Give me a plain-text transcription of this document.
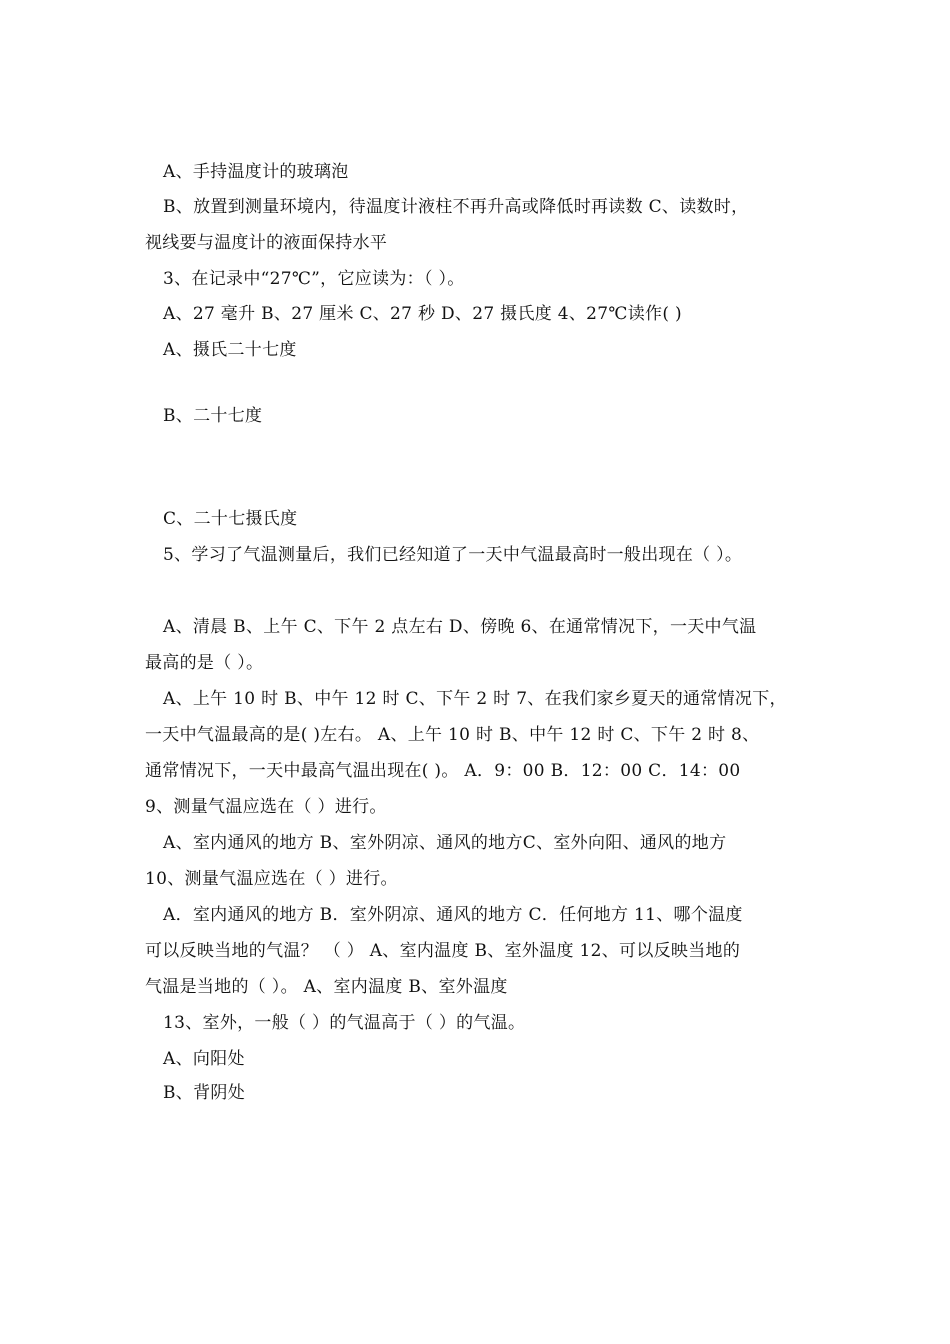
A、手持温度计的玻璃泡
B、放置到测量环境内，待温度计液柱不再升高或降低时再读数 C、读数时，
视线要与温度计的液面保持水平
3、在记录中“27℃”，它应读为：（ ）。
A、27 毫升 B、27 厘米 C、27 秒 D、27 摄氏度 4、27℃读作( )
A、摄氏二十七度
B、二十七度
C、二十七摄氏度
5、学习了气温测量后，我们已经知道了一天中气温最高时一般出现在（ ）。
A、清晨 B、上午 C、下午 2 点左右 D、傍晚 6、在通常情况下，一天中气温
最高的是（ ）。
A、上午 10 时 B、中午 12 时 C、下午 2 时 7、在我们家乡夏天的通常情况下，
一天中气温最高的是( )左右。 A、上午 10 时 B、中午 12 时 C、下午 2 时 8、
通常情况下，一天中最高气温出现在( )。 A．9：00 B．12：00 C．14：00
9、测量气温应选在（ ）进行。
A、室内通风的地方 B、室外阴凉、通风的地方C、室外向阳、通风的地方
10、测量气温应选在（ ）进行。
A．室内通风的地方 B．室外阴凉、通风的地方 C．任何地方 11、哪个温度
可以反映当地的气温？ （ ） A、室内温度 B、室外温度 12、可以反映当地的
气温是当地的（ ）。 A、室内温度 B、室外温度
13、室外，一般（ ）的气温高于（ ）的气温。
A、向阳处
B、背阴处
